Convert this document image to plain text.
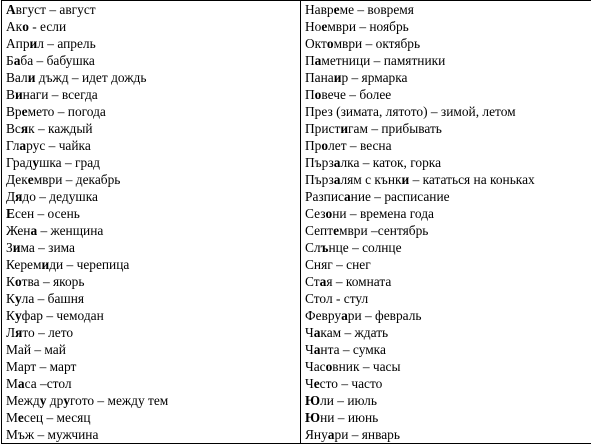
Август – август
Ако - если
Април – апрель
Баба – бабушка
Вали дъжд – идет дождь
Винаги – всегда
Времето – погода
Всяк – каждый
Гларус – чайка
Градушка – град
Декември – декабрь
Дядо – дедушка
Есен – осень
Жена – женщина
Зима – зима
Керемиди – черепица
Котва – якорь
Кула – башня
Куфар – чемодан
Лято – лето
Май – май
Март – март
Маса –стол
Между другото – между тем
Месец – месяц
Мъж – мужчина

Навреме – вовремя
Ноември – ноябрь
Октомври – октябрь
Паметници – памятники
Панаир – ярмарка
Повече – более
През (зимата, лятото) – зимой, летом
Пристигам – прибывать
Пролет – весна
Пързалка – каток, горка
Пързалям с кънки – кататься на коньках
Разписание – расписание
Сезони – времена года
Септември –сентябрь
Слънце – солнце
Сняг – снег
Стая – комната
Стол - стул
Февруари – февраль
Чакам – ждать
Чанта – сумка
Часовник – часы
Често – часто
Юли – июль
Юни – июнь
Януари – январь
